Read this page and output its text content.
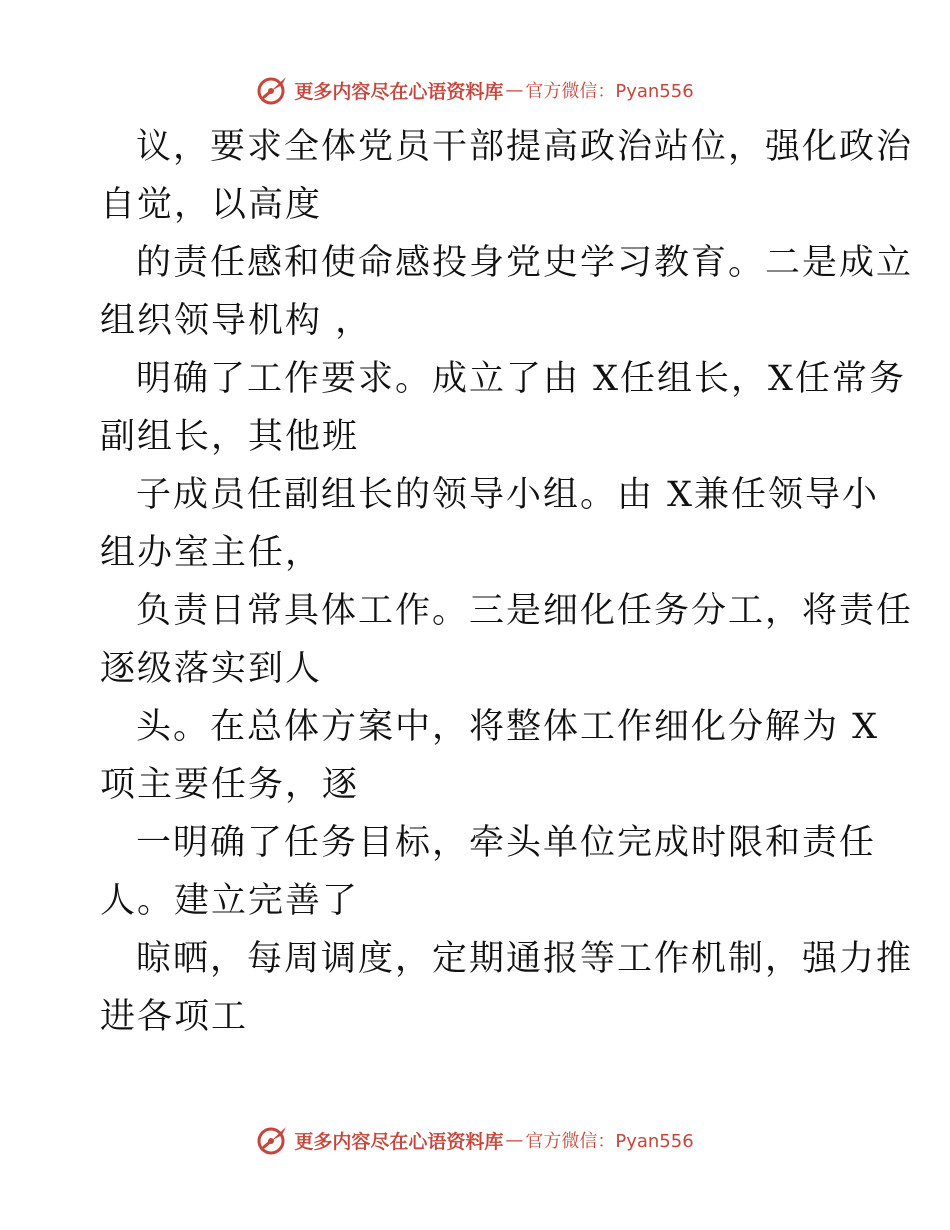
更多内容尽在心语资料库 — 官方微信：Pyan556
议，要求全体党员干部提高政治站位，强化政治
自觉，以高度
的责任感和使命感投身党史学习教育。二是成立
组织领导机构 ，
明确了工作要求。成立了由 X任组长，X任常务
副组长，其他班
子成员任副组长的领导小组。由 X兼任领导小
组办室主任，
负责日常具体工作。三是细化任务分工，将责任
逐级落实到人
头。在总体方案中，将整体工作细化分解为 X
项主要任务，逐
一明确了任务目标，牵头单位完成时限和责任
人。建立完善了
晾晒，每周调度，定期通报等工作机制，强力推
进各项工
更多内容尽在心语资料库 — 官方微信：Pyan556
